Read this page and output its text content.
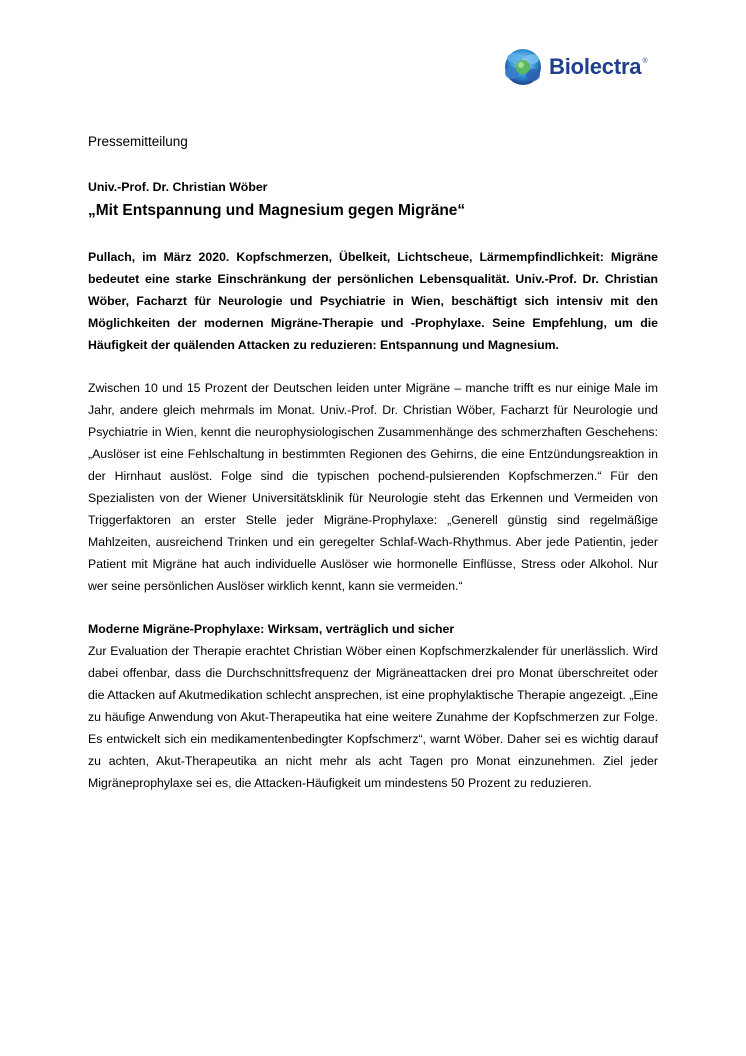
Biolectra ®

Pressemitteilung

Univ.-Prof. Dr. Christian Wöber

„Mit Entspannung und Magnesium gegen Migräne“

Pullach, im März 2020. Kopfschmerzen, Übelkeit, Lichtscheue, Lärmempfindlichkeit: Migräne bedeutet eine starke Einschränkung der persönlichen Lebensqualität. Univ.-Prof. Dr. Christian Wöber, Facharzt für Neurologie und Psychiatrie in Wien, beschäftigt sich intensiv mit den Möglichkeiten der modernen Migräne-Therapie und -Prophylaxe. Seine Empfehlung, um die Häufigkeit der quälenden Attacken zu reduzieren: Entspannung und Magnesium.

Zwischen 10 und 15 Prozent der Deutschen leiden unter Migräne – manche trifft es nur einige Male im Jahr, andere gleich mehrmals im Monat. Univ.-Prof. Dr. Christian Wöber, Facharzt für Neurologie und Psychiatrie in Wien, kennt die neurophysiologischen Zusammenhänge des schmerzhaften Geschehens: „Auslöser ist eine Fehlschaltung in bestimmten Regionen des Gehirns, die eine Entzündungsreaktion in der Hirnhaut auslöst. Folge sind die typischen pochend-pulsierenden Kopfschmerzen.“ Für den Spezialisten von der Wiener Universitätsklinik für Neurologie steht das Erkennen und Vermeiden von Triggerfaktoren an erster Stelle jeder Migräne-Prophylaxe: „Generell günstig sind regelmäßige Mahlzeiten, ausreichend Trinken und ein geregelter Schlaf-Wach-Rhythmus. Aber jede Patientin, jeder Patient mit Migräne hat auch individuelle Auslöser wie hormonelle Einflüsse, Stress oder Alkohol. Nur wer seine persönlichen Auslöser wirklich kennt, kann sie vermeiden.“

Moderne Migräne-Prophylaxe: Wirksam, verträglich und sicher

Zur Evaluation der Therapie erachtet Christian Wöber einen Kopfschmerzkalender für unerlässlich. Wird dabei offenbar, dass die Durchschnittsfrequenz der Migräneattacken drei pro Monat überschreitet oder die Attacken auf Akutmedikation schlecht ansprechen, ist eine prophylaktische Therapie angezeigt. „Eine zu häufige Anwendung von Akut-Therapeutika hat eine weitere Zunahme der Kopfschmerzen zur Folge. Es entwickelt sich ein medikamentenbedingter Kopfschmerz“, warnt Wöber. Daher sei es wichtig darauf zu achten, Akut-Therapeutika an nicht mehr als acht Tagen pro Monat einzunehmen. Ziel jeder Migräneprophylaxe sei es, die Attacken-Häufigkeit um mindestens 50 Prozent zu reduzieren.
